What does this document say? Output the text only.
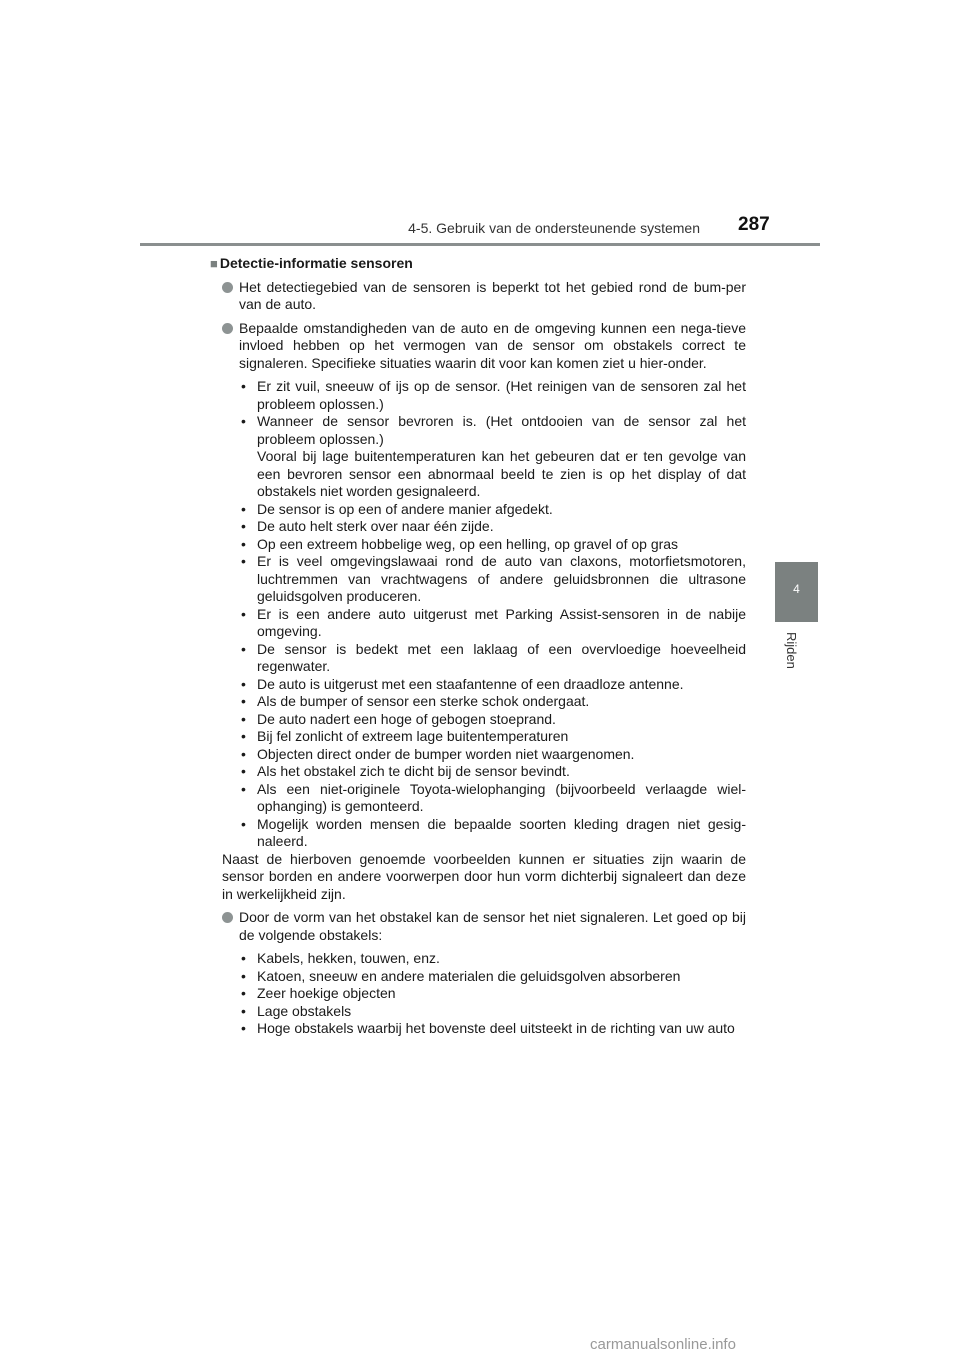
4-5. Gebruik van de ondersteunende systemen 287
4
Rijden
■ Detectie-informatie sensoren
Het detectiegebied van de sensoren is beperkt tot het gebied rond de bum-per van de auto.
Bepaalde omstandigheden van de auto en de omgeving kunnen een nega-tieve invloed hebben op het vermogen van de sensor om obstakels correct te signaleren. Specifieke situaties waarin dit voor kan komen ziet u hier-onder.
• Er zit vuil, sneeuw of ijs op de sensor. (Het reinigen van de sensoren zal het probleem oplossen.)
• Wanneer de sensor bevroren is. (Het ontdooien van de sensor zal het probleem oplossen.)
Vooral bij lage buitentemperaturen kan het gebeuren dat er ten gevolge van een bevroren sensor een abnormaal beeld te zien is op het display of dat obstakels niet worden gesignaleerd.
• De sensor is op een of andere manier afgedekt.
• De auto helt sterk over naar één zijde.
• Op een extreem hobbelige weg, op een helling, op gravel of op gras
• Er is veel omgevingslawaai rond de auto van claxons, motorfietsmotoren, luchtremmen van vrachtwagens of andere geluidsbronnen die ultrasone geluidsgolven produceren.
• Er is een andere auto uitgerust met Parking Assist-sensoren in de nabije omgeving.
• De sensor is bedekt met een laklaag of een overvloedige hoeveelheid regenwater.
• De auto is uitgerust met een staafantenne of een draadloze antenne.
• Als de bumper of sensor een sterke schok ondergaat.
• De auto nadert een hoge of gebogen stoeprand.
• Bij fel zonlicht of extreem lage buitentemperaturen
• Objecten direct onder de bumper worden niet waargenomen.
• Als het obstakel zich te dicht bij de sensor bevindt.
• Als een niet-originele Toyota-wielophanging (bijvoorbeeld verlaagde wiel-ophanging) is gemonteerd.
• Mogelijk worden mensen die bepaalde soorten kleding dragen niet gesig-naleerd.

Naast de hierboven genoemde voorbeelden kunnen er situaties zijn waarin de sensor borden en andere voorwerpen door hun vorm dichterbij signaleert dan deze in werkelijkheid zijn.

Door de vorm van het obstakel kan de sensor het niet signaleren. Let goed op bij de volgende obstakels:
• Kabels, hekken, touwen, enz.
• Katoen, sneeuw en andere materialen die geluidsgolven absorberen
• Zeer hoekige objecten
• Lage obstakels
• Hoge obstakels waarbij het bovenste deel uitsteekt in de richting van uw auto
carmanualsonline.info
